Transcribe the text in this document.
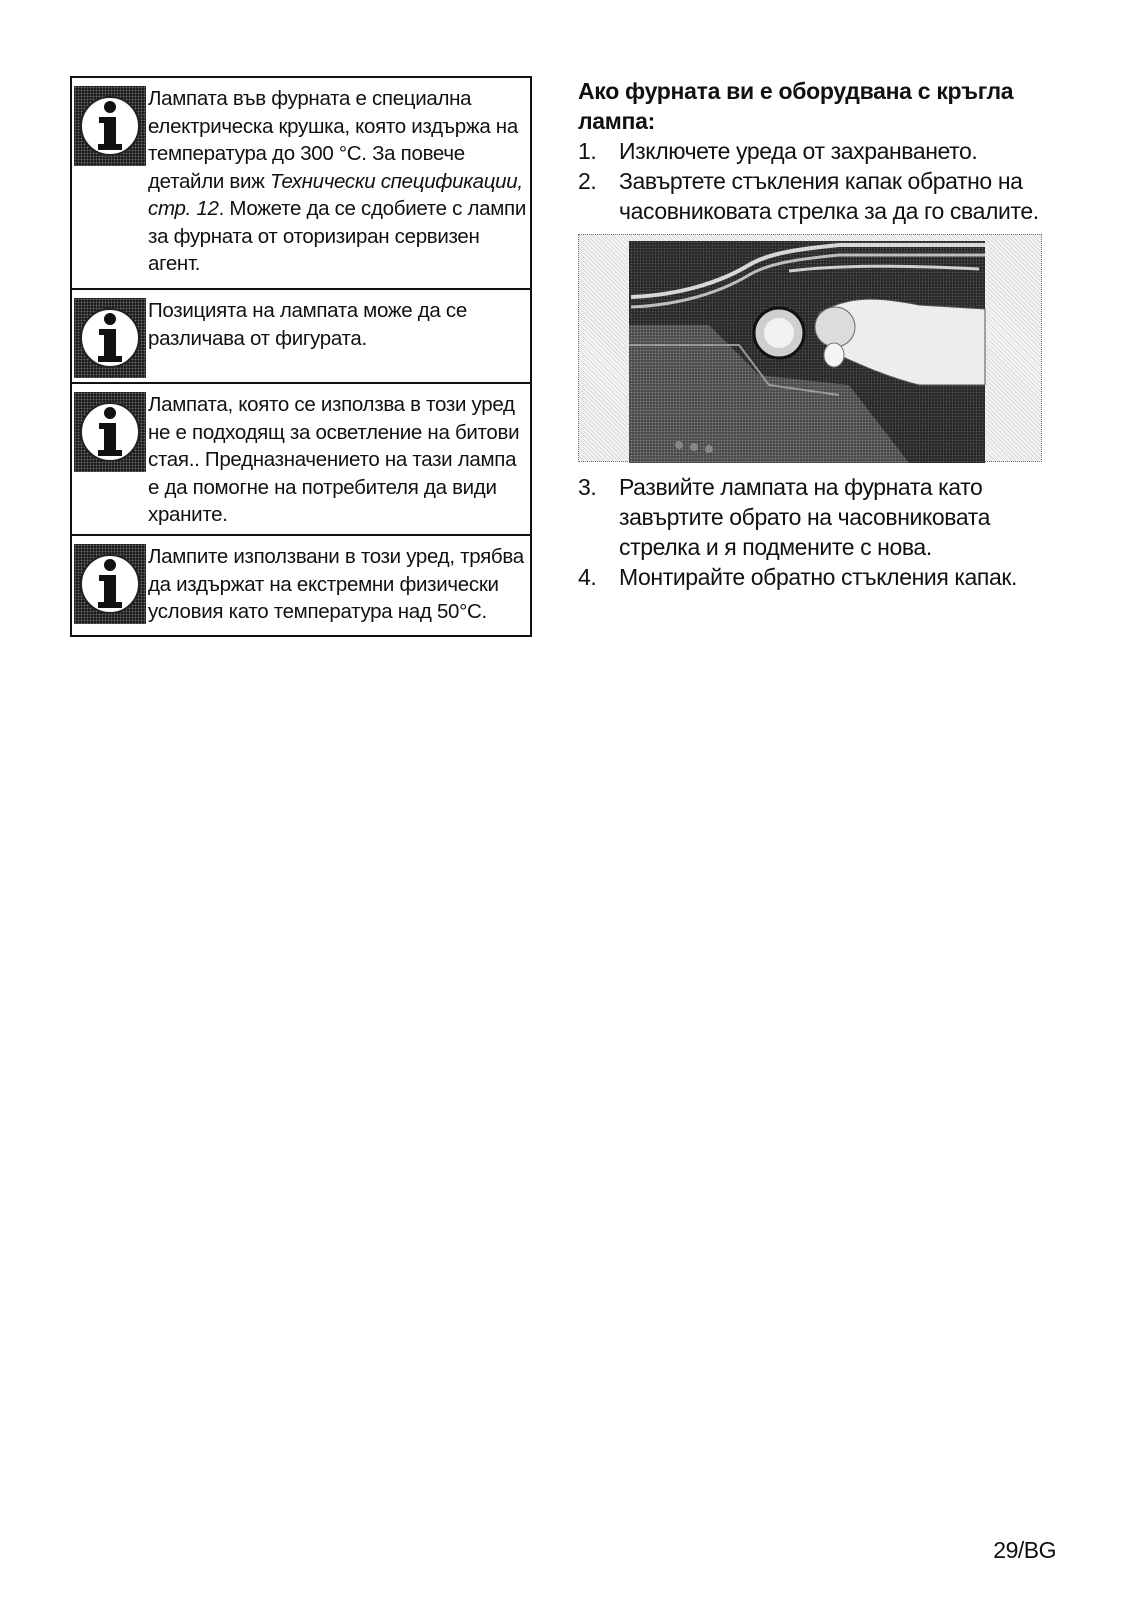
Лампата във фурната е специална електрическа крушка, която издържа на температура до 300 °C. За повече детайли виж Технически спецификации, стр. 12. Можете да се сдобиете с лампи за фурната от оторизиран сервизен агент.
Позицията на лампата може да се различава от фигурата.
Лампата, която се използва в този уред не е подходящ за осветление на битови стая.. Предназначението на тази лампа е да помогне на потребителя да види храните.
Лампите използвани в този уред, трябва да издържат на екстремни физически условия като температура над 50°C.
Ако фурната ви е оборудвана с кръгла лампа:
1. Изключете уреда от захранването.
2. Завъртете стъкления капак обратно на часовниковата стрелка за да го свалите.
3. Развийте лампата на фурната като завъртите обрато на часовниковата стрелка и я подмените с нова.
4. Монтирайте обратно стъкления капак.
29/BG
